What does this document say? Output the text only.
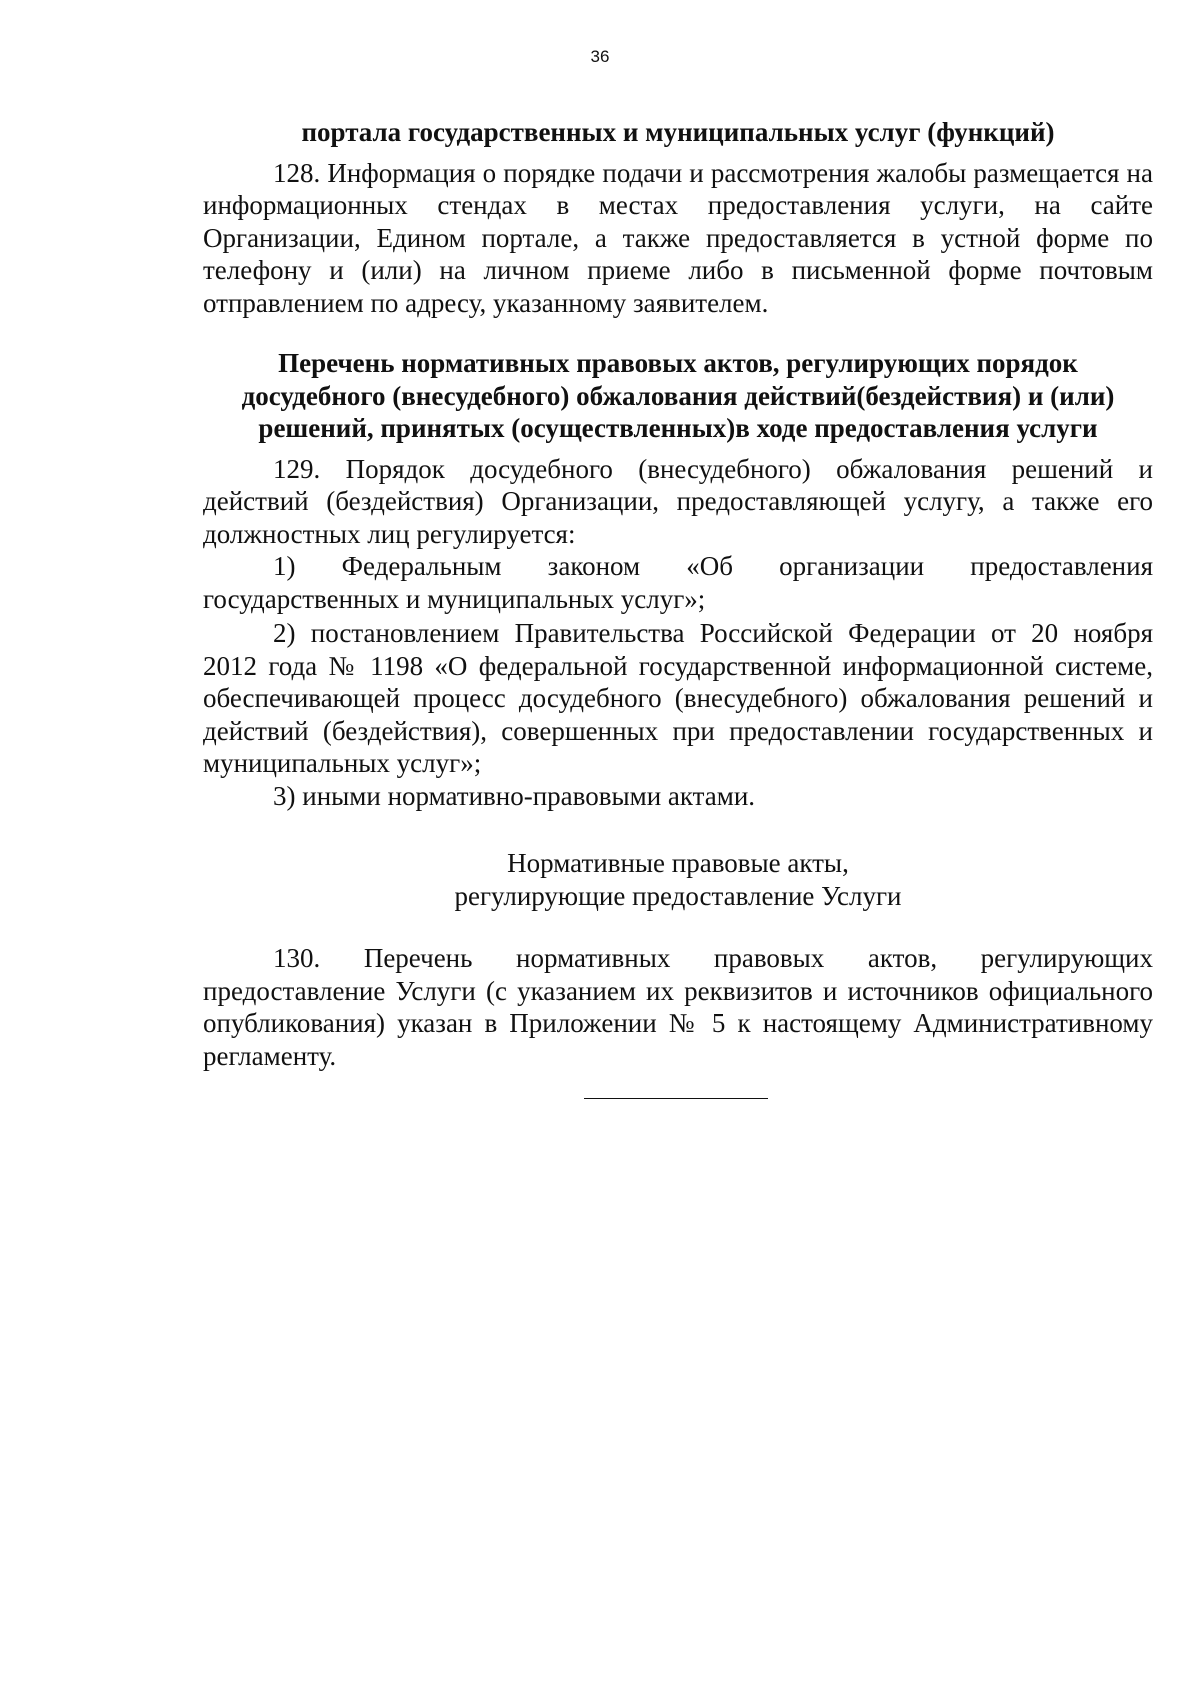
36

портала государственных и муниципальных услуг (функций)

128. Информация о порядке подачи и рассмотрения жалобы размещается на информационных стендах в местах предоставления услуги, на сайте Организации, Едином портале, а также предоставляется в устной форме по телефону и (или) на личном приеме либо в письменной форме почтовым отправлением по адресу, указанному заявителем.

Перечень нормативных правовых актов, регулирующих порядок досудебного (внесудебного) обжалования действий(бездействия) и (или) решений, принятых (осуществленных)в ходе предоставления услуги

129. Порядок досудебного (внесудебного) обжалования решений и действий (бездействия) Организации, предоставляющей услугу, а также его должностных лиц регулируется:

1) Федеральным законом «Об организации предоставления государственных и муниципальных услуг»;

2) постановлением Правительства Российской Федерации от 20 ноября 2012 года № 1198 «О федеральной государственной информационной системе, обеспечивающей процесс досудебного (внесудебного) обжалования решений и действий (бездействия), совершенных при предоставлении государственных и муниципальных услуг»;

3) иными нормативно-правовыми актами.

Нормативные правовые акты,
регулирующие предоставление Услуги

130. Перечень нормативных правовых актов, регулирующих предоставление Услуги (с указанием их реквизитов и источников официального опубликования) указан в Приложении № 5 к настоящему Административному регламенту.
